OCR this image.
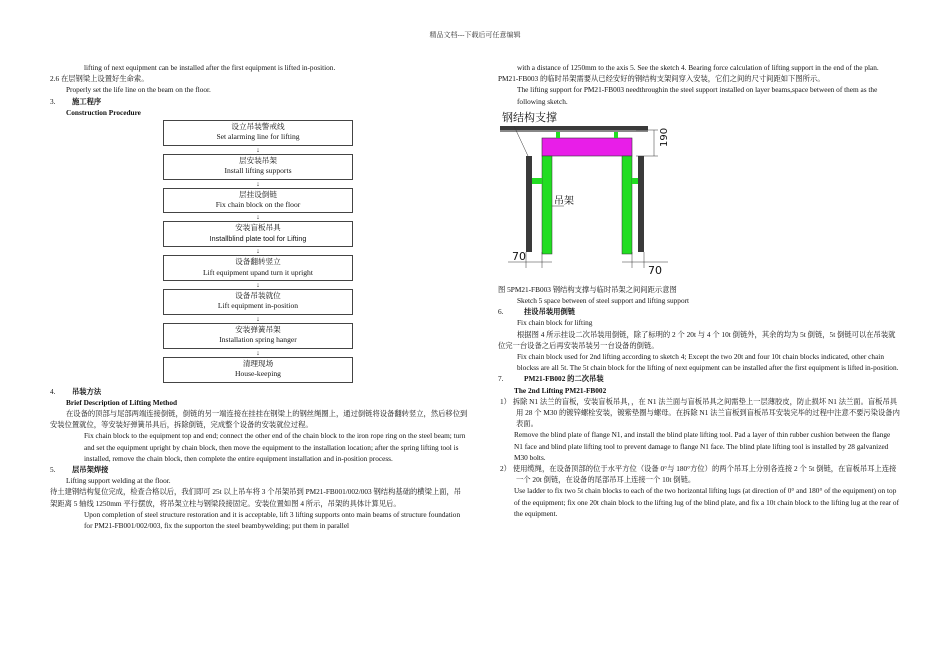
精品文档---下载后可任意编辑

lifting of next equipment can be installed after the first equipment is lifted in-position.

2.6 在层钢梁上设置好生命索。

Properly set the life line on the beam on the floor.

3.	施工程序

Construction Procedure

设立吊装警戒线
Set alarming line for lifting
↓
层安装吊架
Install lifting supports
↓
层挂设倒链
Fix chain block on the floor
↓
安装盲板吊具
Installblind plate tool for Lifting
↓
设备翻转竖立
Lift equipment upand turn it upright
↓
设备吊装就位
Lift equipment in-position
↓
安装弹簧吊架
Installation spring hanger
↓
清理现场
House-keeping
4.	吊装方法

Brief Description of Lifting Method

在设备的顶部与尾部两端连接倒链，倒链的另一端连接在挂挂在钢梁上的钢丝绳圈上，通过倒链将设备翻转竖立，然后移位到安装位置就位，等安装好弹簧吊具后，拆除倒链，完成整个设备的安装就位过程。

Fix chain block to the equipment top and end; connect the other end of the chain block to the iron rope ring on the steel beam; turn and set the equipment upright by chain block, then move the equipment to the installation location; after the spring lifting tool is installed, remove the chain block, then complete the entire equipment installation and in-position process.

5.	层吊架焊接

Lifting support welding at the floor.

待土建钢结构复位完成，检查合格以后，我们即可 25t 以上吊车将 3 个吊架吊到 PM21-FB001/002/003 钢结构基础的横梁上面，吊架距离 5 轴线 1250mm 平行摆放，将吊架立柱与钢梁段接固定。安装位置如图 4 所示，吊架的具体计算见后。

Upon completion of steel structure restoration and it is acceptable, lift 3 lifting supports onto main beams of structure foundation for PM21-FB001/002/003, fix the supporton the steel beambywelding; put them in parallel

with a distance of 1250mm to the axis 5. See the sketch 4. Bearing force calculation of lifting support in the end of the plan.

PM21-FB003 的临时吊架需要从已经安好的钢结构支架间穿入安装，它们之间的尺寸间距如下图所示。

The lifting support for PM21-FB003 needthroughin the steel support installed on layer beams,space between of them as the following sketch.

钢结构支撑
190
吊架
70
70

图 5PM21-FB003 钢结构支撑与临时吊架之间间距示意图

Sketch 5 space between of steel support and lifting support

6.	挂设吊装用倒链

Fix chain block for lifting

根据图 4 所示挂设二次吊装用倒链，除了标明的 2 个 20t 与 4 个 10t 倒链外，其余的均为 5t 倒链，5t 倒链可以在吊装就位完一台设备之后再安装吊装另一台设备的倒链。

Fix chain block used for 2nd lifting according to sketch 4; Except the two 20t and four 10t chain blocks indicated, other chain blockss are all 5t. The 5t chain block for the lifting of next equipment can be installed after the first equipment is lifted in-position.

7.	PM21-FB002 的二次吊装

The 2nd Lifting PM21-FB002

1） 拆除 N1 法兰的盲板，安装盲板吊具，，在 N1 法兰面与盲板吊具之间需垫上一层薄胶皮，防止损坏 N1 法兰面。盲板吊具用 28 个 M30 的镀锌螺栓安装，镀紫垫圈与螺母。在拆除 N1 法兰盲板到盲板吊耳安装完毕的过程中注意不要污染设备内表面。

Remove the blind plate of flange N1, and install the blind plate lifting tool. Pad a layer of thin rubber cushion between the flange N1 face and blind plate lifting tool to prevent damage to flange N1 face. The blind plate lifting tool is installed by 28 galvanized M30 bolts.

2） 使用缆绳，在设备顶部的位于水平方位（设备 0°与 180°方位）的两个吊耳上分别各连接 2 个 5t 倒链，在盲板吊耳上连接一个 20t 倒链，在设备的尾部吊耳上连接一个 10t 倒链。

Use ladder to fix two 5t chain blocks to each of the two horizontal lifting lugs (at direction of 0° and 180° of the equipment) on top of the equipment; fix one 20t chain block to the lifting lug of the blind plate, and fix a 10t chain block to the lifting lug at the rear of the equipment.
